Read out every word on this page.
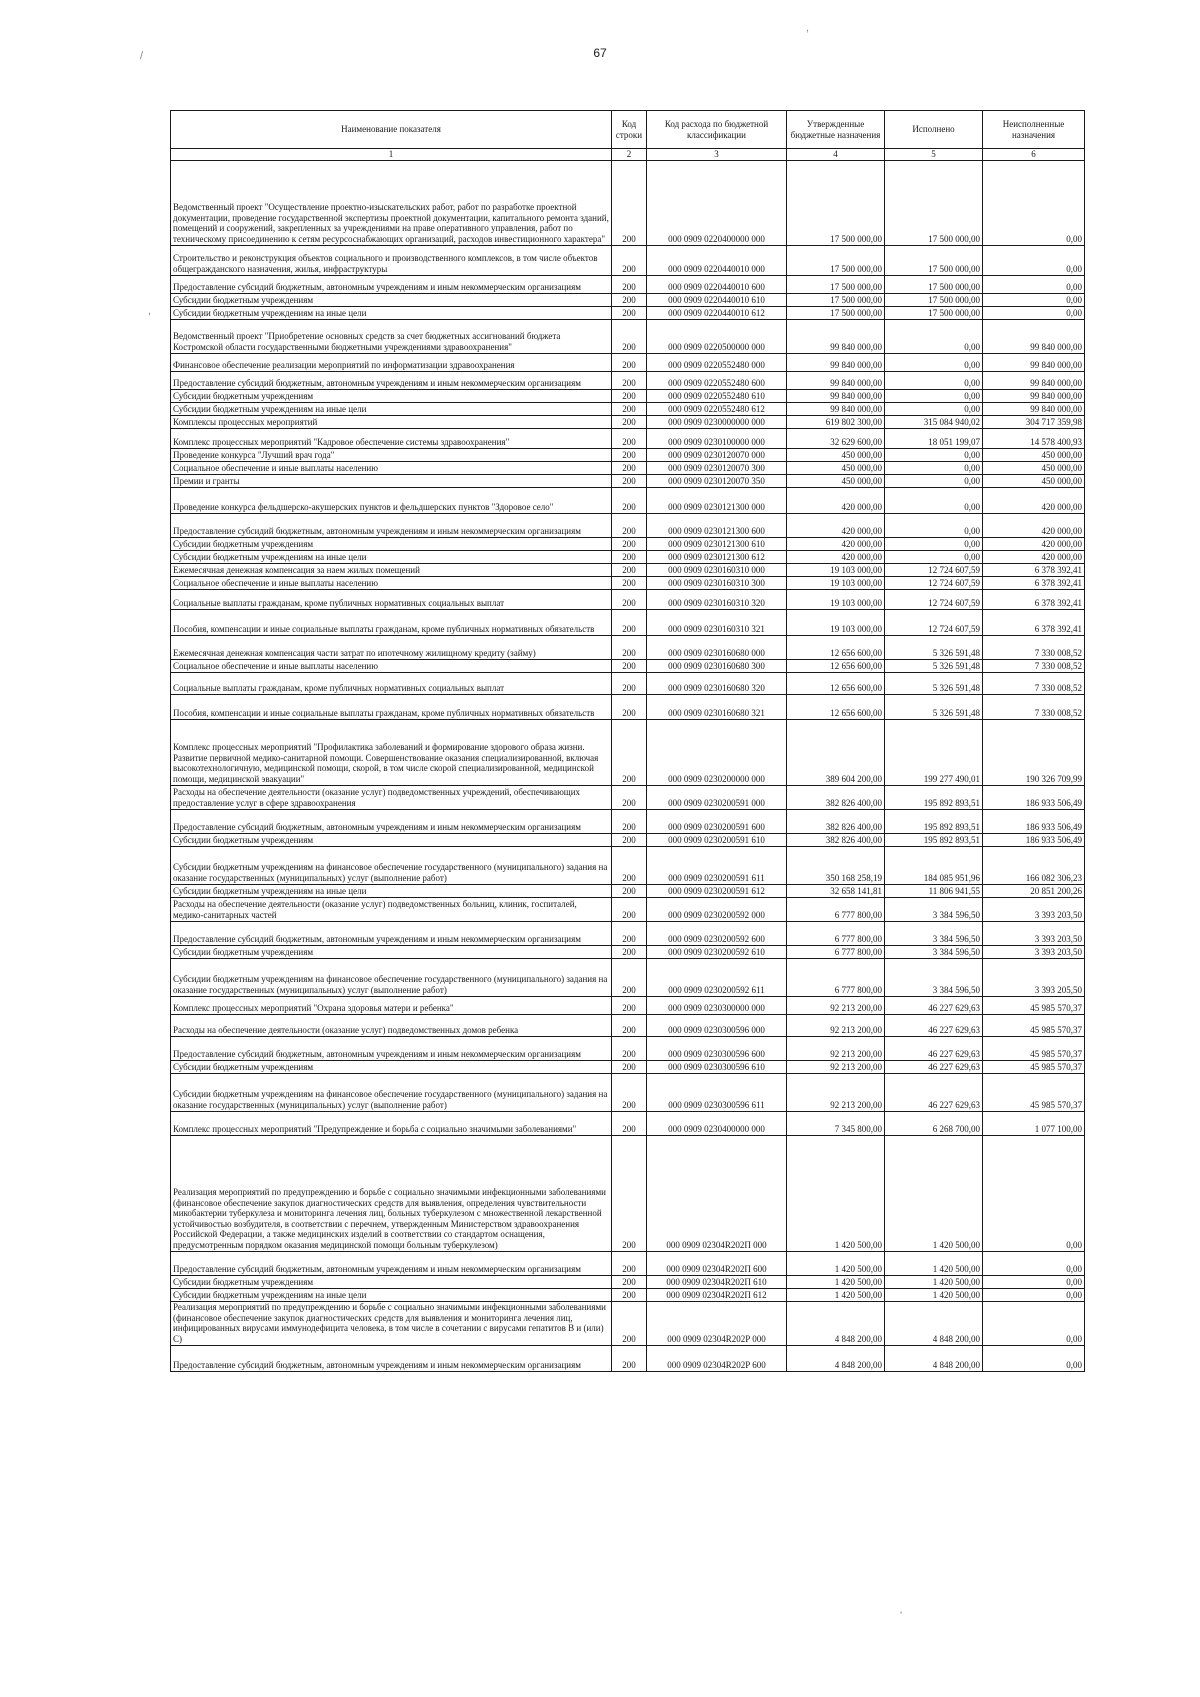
67
,
/
,
'
Наименование показателя	Код строки	Код расхода по бюджетной классификации	Утвержденные бюджетные назначения	Исполнено	Неисполненные назначения
1	2	3	4	5	6
Ведомственный проект "Осуществление проектно-изыскательских работ, работ по разработке проектной документации, проведение государственной экспертизы проектной документации, капитального ремонта зданий, помещений и сооружений, закрепленных за учреждениями на праве оперативного управления, работ по техническому присоединению к сетям ресурсоснабжающих организаций, расходов инвестиционного характера"	200	000 0909 0220400000 000	17 500 000,00	17 500 000,00	0,00
Строительство и реконструкция объектов социального и производственного комплексов, в том числе объектов общегражданского назначения, жилья, инфраструктуры	200	000 0909 0220440010 000	17 500 000,00	17 500 000,00	0,00
Предоставление субсидий бюджетным, автономным учреждениям и иным некоммерческим организациям	200	000 0909 0220440010 600	17 500 000,00	17 500 000,00	0,00
Субсидии бюджетным учреждениям	200	000 0909 0220440010 610	17 500 000,00	17 500 000,00	0,00
Субсидии бюджетным учреждениям на иные цели	200	000 0909 0220440010 612	17 500 000,00	17 500 000,00	0,00
Ведомственный проект "Приобретение основных средств за счет бюджетных ассигнований бюджета Костромской области государственными бюджетными учреждениями здравоохранения"	200	000 0909 0220500000 000	99 840 000,00	0,00	99 840 000,00
Финансовое обеспечение реализации мероприятий по информатизации здравоохранения	200	000 0909 0220552480 000	99 840 000,00	0,00	99 840 000,00
Предоставление субсидий бюджетным, автономным учреждениям и иным некоммерческим организациям	200	000 0909 0220552480 600	99 840 000,00	0,00	99 840 000,00
Субсидии бюджетным учреждениям	200	000 0909 0220552480 610	99 840 000,00	0,00	99 840 000,00
Субсидии бюджетным учреждениям на иные цели	200	000 0909 0220552480 612	99 840 000,00	0,00	99 840 000,00
Комплексы процессных мероприятий	200	000 0909 0230000000 000	619 802 300,00	315 084 940,02	304 717 359,98
Комплекс процессных мероприятий "Кадровое обеспечение системы здравоохранения"	200	000 0909 0230100000 000	32 629 600,00	18 051 199,07	14 578 400,93
Проведение конкурса "Лучший врач года"	200	000 0909 0230120070 000	450 000,00	0,00	450 000,00
Социальное обеспечение и иные выплаты населению	200	000 0909 0230120070 300	450 000,00	0,00	450 000,00
Премии и гранты	200	000 0909 0230120070 350	450 000,00	0,00	450 000,00
Проведение конкурса фельдшерско-акушерских пунктов и фельдшерских пунктов "Здоровое село"	200	000 0909 0230121300 000	420 000,00	0,00	420 000,00
Предоставление субсидий бюджетным, автономным учреждениям и иным некоммерческим организациям	200	000 0909 0230121300 600	420 000,00	0,00	420 000,00
Субсидии бюджетным учреждениям	200	000 0909 0230121300 610	420 000,00	0,00	420 000,00
Субсидии бюджетным учреждениям на иные цели	200	000 0909 0230121300 612	420 000,00	0,00	420 000,00
Ежемесячная денежная компенсация за наем жилых помещений	200	000 0909 0230160310 000	19 103 000,00	12 724 607,59	6 378 392,41
Социальное обеспечение и иные выплаты населению	200	000 0909 0230160310 300	19 103 000,00	12 724 607,59	6 378 392,41
Социальные выплаты гражданам, кроме публичных нормативных социальных выплат	200	000 0909 0230160310 320	19 103 000,00	12 724 607,59	6 378 392,41
Пособия, компенсации и иные социальные выплаты гражданам, кроме публичных нормативных обязательств	200	000 0909 0230160310 321	19 103 000,00	12 724 607,59	6 378 392,41
Ежемесячная денежная компенсация части затрат по ипотечному жилищному кредиту (займу)	200	000 0909 0230160680 000	12 656 600,00	5 326 591,48	7 330 008,52
Социальное обеспечение и иные выплаты населению	200	000 0909 0230160680 300	12 656 600,00	5 326 591,48	7 330 008,52
Социальные выплаты гражданам, кроме публичных нормативных социальных выплат	200	000 0909 0230160680 320	12 656 600,00	5 326 591,48	7 330 008,52
Пособия, компенсации и иные социальные выплаты гражданам, кроме публичных нормативных обязательств	200	000 0909 0230160680 321	12 656 600,00	5 326 591,48	7 330 008,52
Комплекс процессных мероприятий "Профилактика заболеваний и формирование здорового образа жизни. Развитие первичной медико-санитарной помощи. Совершенствование оказания специализированной, включая высокотехнологичную, медицинской помощи, скорой, в том числе скорой специализированной, медицинской помощи, медицинской эвакуации"	200	000 0909 0230200000 000	389 604 200,00	199 277 490,01	190 326 709,99
Расходы на обеспечение деятельности (оказание услуг) подведомственных учреждений, обеспечивающих предоставление услуг в сфере здравоохранения	200	000 0909 0230200591 000	382 826 400,00	195 892 893,51	186 933 506,49
Предоставление субсидий бюджетным, автономным учреждениям и иным некоммерческим организациям	200	000 0909 0230200591 600	382 826 400,00	195 892 893,51	186 933 506,49
Субсидии бюджетным учреждениям	200	000 0909 0230200591 610	382 826 400,00	195 892 893,51	186 933 506,49
Субсидии бюджетным учреждениям на финансовое обеспечение государственного (муниципального) задания на оказание государственных (муниципальных) услуг (выполнение работ)	200	000 0909 0230200591 611	350 168 258,19	184 085 951,96	166 082 306,23
Субсидии бюджетным учреждениям на иные цели	200	000 0909 0230200591 612	32 658 141,81	11 806 941,55	20 851 200,26
Расходы на обеспечение деятельности (оказание услуг) подведомственных больниц, клиник, госпиталей, медико-санитарных частей	200	000 0909 0230200592 000	6 777 800,00	3 384 596,50	3 393 203,50
Предоставление субсидий бюджетным, автономным учреждениям и иным некоммерческим организациям	200	000 0909 0230200592 600	6 777 800,00	3 384 596,50	3 393 203,50
Субсидии бюджетным учреждениям	200	000 0909 0230200592 610	6 777 800,00	3 384 596,50	3 393 203,50
Субсидии бюджетным учреждениям на финансовое обеспечение государственного (муниципального) задания на оказание государственных (муниципальных) услуг (выполнение работ)	200	000 0909 0230200592 611	6 777 800,00	3 384 596,50	3 393 205,50
Комплекс процессных мероприятий "Охрана здоровья матери и ребенка"	200	000 0909 0230300000 000	92 213 200,00	46 227 629,63	45 985 570,37
Расходы на обеспечение деятельности (оказание услуг) подведомственных домов ребенка	200	000 0909 0230300596 000	92 213 200,00	46 227 629,63	45 985 570,37
Предоставление субсидий бюджетным, автономным учреждениям и иным некоммерческим организациям	200	000 0909 0230300596 600	92 213 200,00	46 227 629,63	45 985 570,37
Субсидии бюджетным учреждениям	200	000 0909 0230300596 610	92 213 200,00	46 227 629,63	45 985 570,37
Субсидии бюджетным учреждениям на финансовое обеспечение государственного (муниципального) задания на оказание государственных (муниципальных) услуг (выполнение работ)	200	000 0909 0230300596 611	92 213 200,00	46 227 629,63	45 985 570,37
Комплекс процессных мероприятий "Предупреждение и борьба с социально значимыми заболеваниями"	200	000 0909 0230400000 000	7 345 800,00	6 268 700,00	1 077 100,00
Реализация мероприятий по предупреждению и борьбе с социально значимыми инфекционными заболеваниями (финансовое обеспечение закупок диагностических средств для выявления, определения чувствительности микобактерии туберкулеза и мониторинга лечения лиц, больных туберкулезом с множественной лекарственной устойчивостью возбудителя, в соответствии с перечнем, утвержденным Министерством здравоохранения Российской Федерации, а также медицинских изделий в соответствии со стандартом оснащения, предусмотренным порядком оказания медицинской помощи больным туберкулезом)	200	000 0909 02304R202П 000	1 420 500,00	1 420 500,00	0,00
Предоставление субсидий бюджетным, автономным учреждениям и иным некоммерческим организациям	200	000 0909 02304R202П 600	1 420 500,00	1 420 500,00	0,00
Субсидии бюджетным учреждениям	200	000 0909 02304R202П 610	1 420 500,00	1 420 500,00	0,00
Субсидии бюджетным учреждениям на иные цели	200	000 0909 02304R202П 612	1 420 500,00	1 420 500,00	0,00
Реализация мероприятий по предупреждению и борьбе с социально значимыми инфекционными заболеваниями (финансовое обеспечение закупок диагностических средств для выявления и мониторинга лечения лиц, инфицированных вирусами иммунодефицита человека, в том числе в сочетании с вирусами гепатитов B и (или) C)	200	000 0909 02304R202P 000	4 848 200,00	4 848 200,00	0,00
Предоставление субсидий бюджетным, автономным учреждениям и иным некоммерческим организациям	200	000 0909 02304R202P 600	4 848 200,00	4 848 200,00	0,00
